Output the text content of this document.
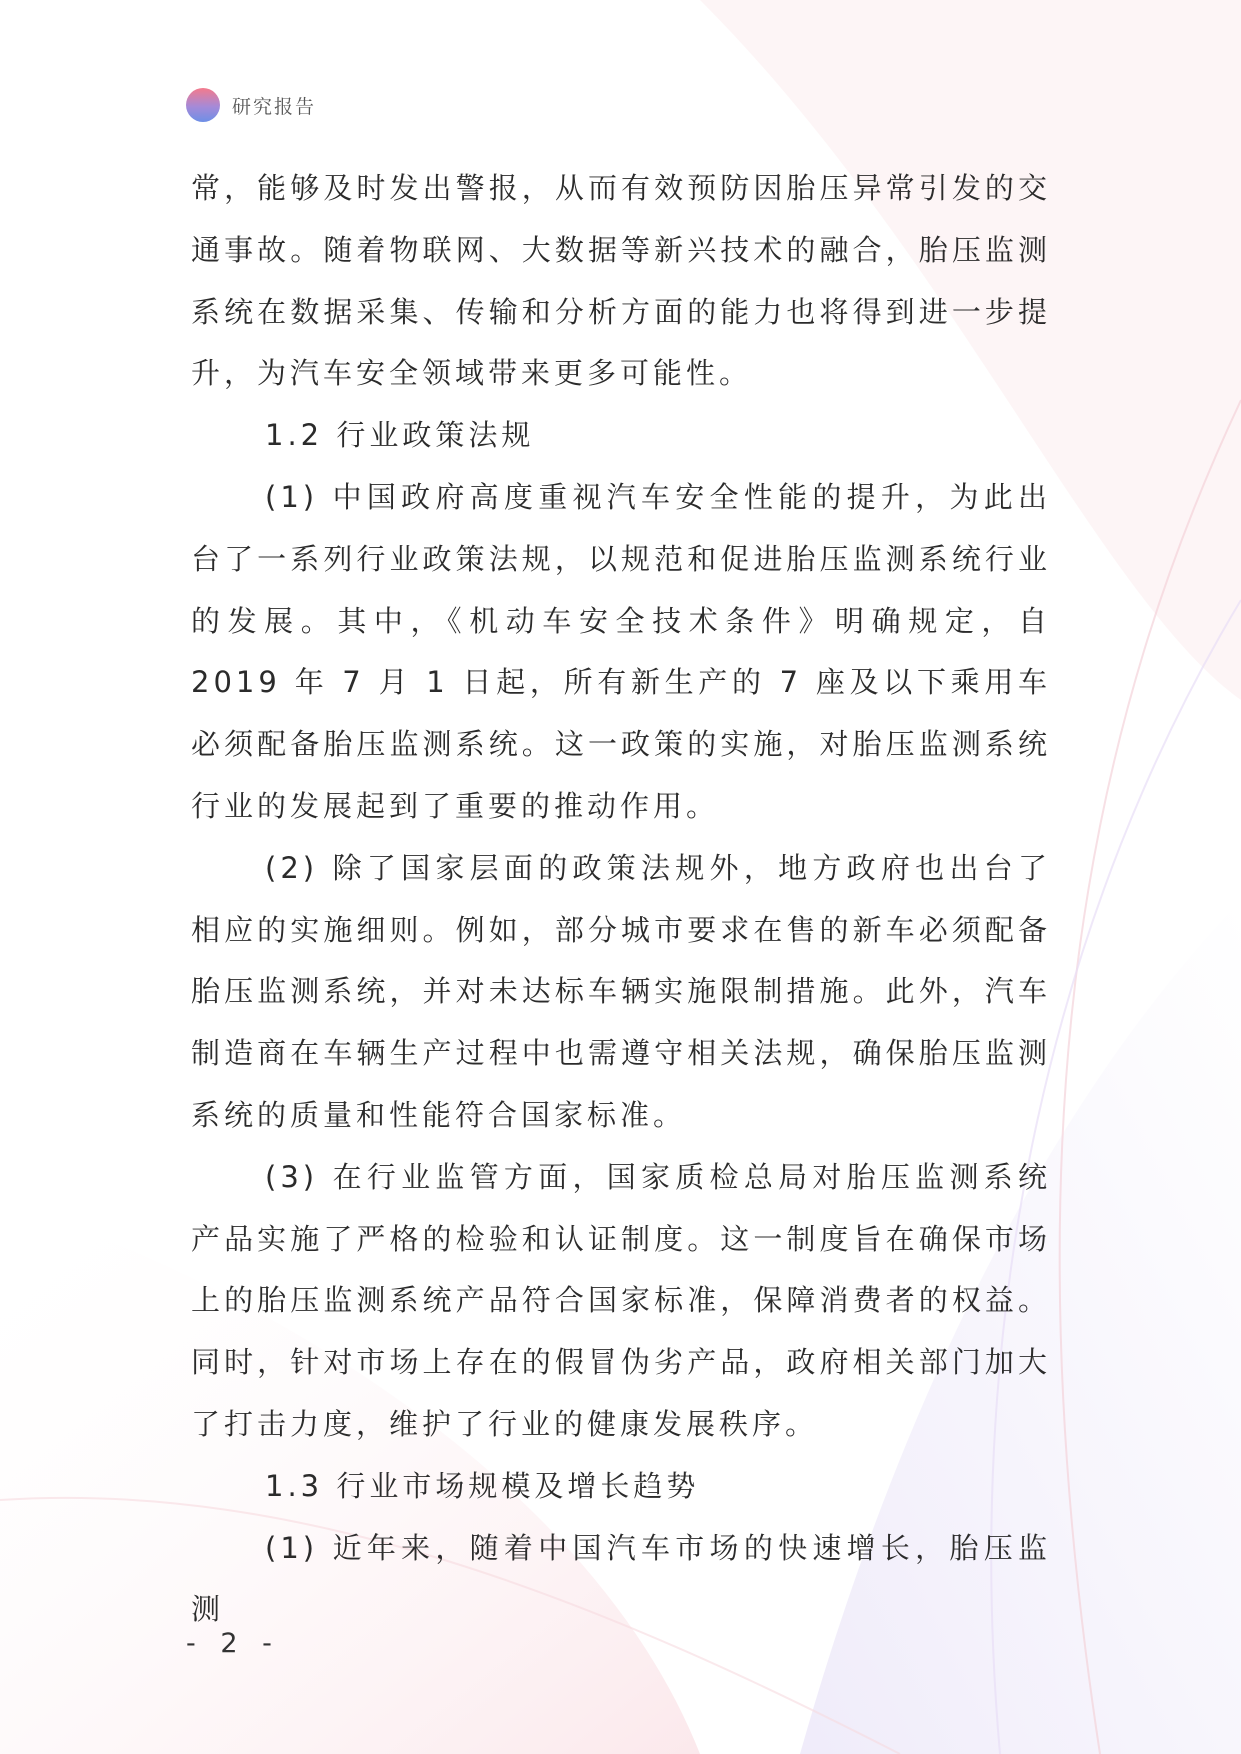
研究报告

常，能够及时发出警报，从而有效预防因胎压异常引发的交通事故。随着物联网、大数据等新兴技术的融合，胎压监测系统在数据采集、传输和分析方面的能力也将得到进一步提升，为汽车安全领域带来更多可能性。

1.2 行业政策法规

(1) 中国政府高度重视汽车安全性能的提升，为此出台了一系列行业政策法规，以规范和促进胎压监测系统行业的发展。其中，《机动车安全技术条件》明确规定，自 2019 年 7 月 1 日起，所有新生产的 7 座及以下乘用车必须配备胎压监测系统。这一政策的实施，对胎压监测系统行业的发展起到了重要的推动作用。

(2) 除了国家层面的政策法规外，地方政府也出台了相应的实施细则。例如，部分城市要求在售的新车必须配备胎压监测系统，并对未达标车辆实施限制措施。此外，汽车制造商在车辆生产过程中也需遵守相关法规，确保胎压监测系统的质量和性能符合国家标准。

(3) 在行业监管方面，国家质检总局对胎压监测系统产品实施了严格的检验和认证制度。这一制度旨在确保市场上的胎压监测系统产品符合国家标准，保障消费者的权益。同时，针对市场上存在的假冒伪劣产品，政府相关部门加大了打击力度，维护了行业的健康发展秩序。

1.3 行业市场规模及增长趋势

(1) 近年来，随着中国汽车市场的快速增长，胎压监测

- 2 -
